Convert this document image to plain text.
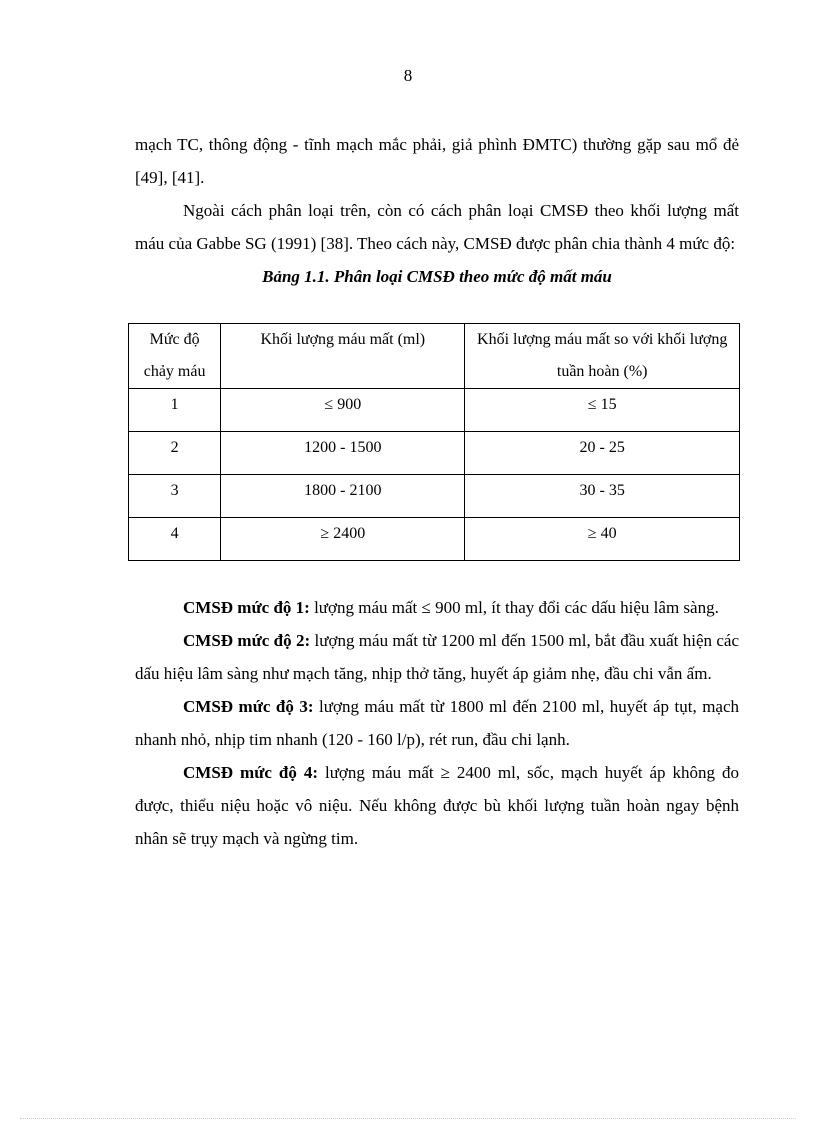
8

mạch TC, thông động - tĩnh mạch mắc phải, giả phình ĐMTC) thường gặp sau mổ đẻ [49], [41].

Ngoài cách phân loại trên, còn có cách phân loại CMSĐ theo khối lượng mất máu của Gabbe SG (1991) [38]. Theo cách này, CMSĐ được phân chia thành 4 mức độ:

Bảng 1.1. Phân loại CMSĐ theo mức độ mất máu

Mức độ chảy máu	Khối lượng máu mất (ml)	Khối lượng máu mất so với khối lượng tuần hoàn (%)
1	≤ 900	≤ 15
2	1200 - 1500	20 - 25
3	1800 - 2100	30 - 35
4	≥ 2400	≥ 40

CMSĐ mức độ 1: lượng máu mất ≤ 900 ml, ít thay đổi các dấu hiệu lâm sàng.

CMSĐ mức độ 2: lượng máu mất từ 1200 ml đến 1500 ml, bắt đầu xuất hiện các dấu hiệu lâm sàng như mạch tăng, nhịp thở tăng, huyết áp giảm nhẹ, đầu chi vẫn ấm.

CMSĐ mức độ 3: lượng máu mất từ 1800 ml đến 2100 ml, huyết áp tụt, mạch nhanh nhỏ, nhịp tim nhanh (120 - 160 l/p), rét run, đầu chi lạnh.

CMSĐ mức độ 4: lượng máu mất ≥ 2400 ml, sốc, mạch huyết áp không đo được, thiểu niệu hoặc vô niệu. Nếu không được bù khối lượng tuần hoàn ngay bệnh nhân sẽ trụy mạch và ngừng tim.
